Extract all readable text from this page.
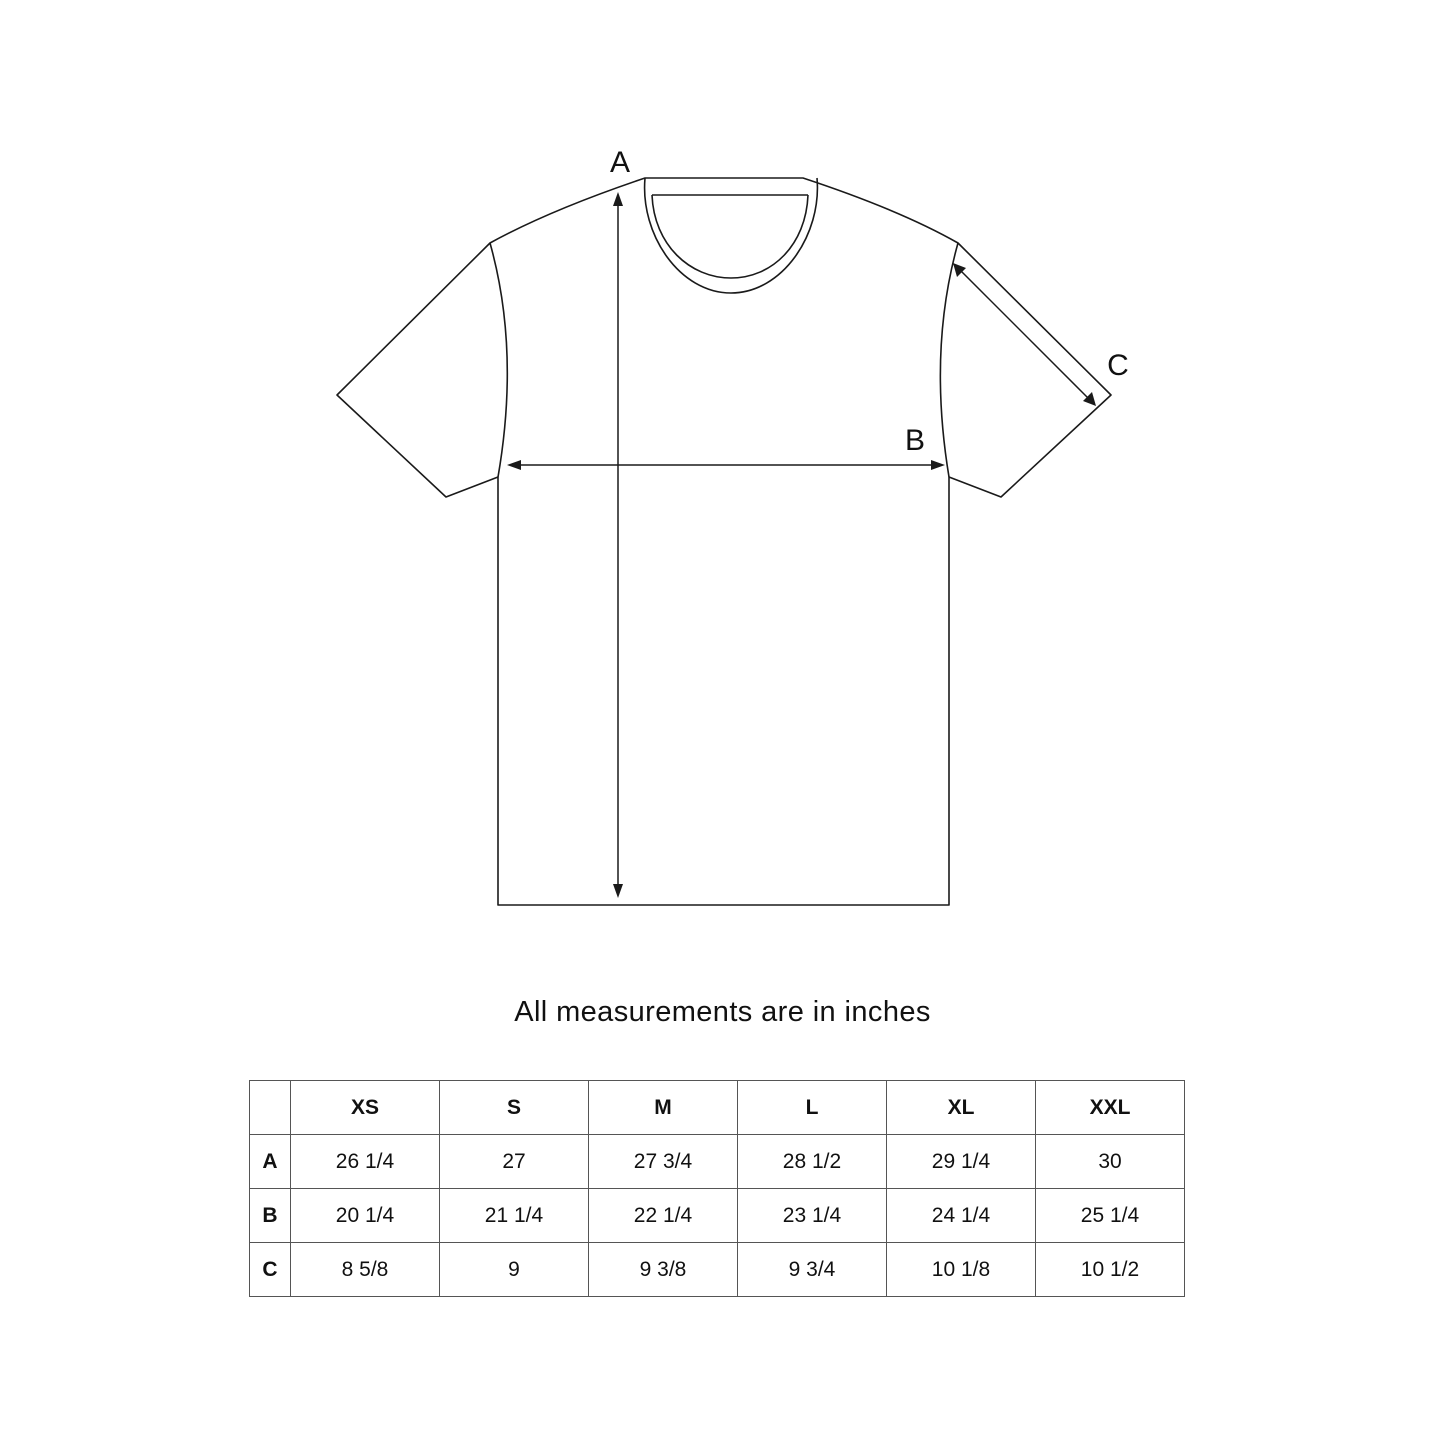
A
B
C
All measurements are in inches
	XS	S	M	L	XL	XXL
A	26 1/4	27	27 3/4	28 1/2	29 1/4	30
B	20 1/4	21 1/4	22 1/4	23 1/4	24 1/4	25 1/4
C	8 5/8	9	9 3/8	9 3/4	10 1/8	10 1/2
